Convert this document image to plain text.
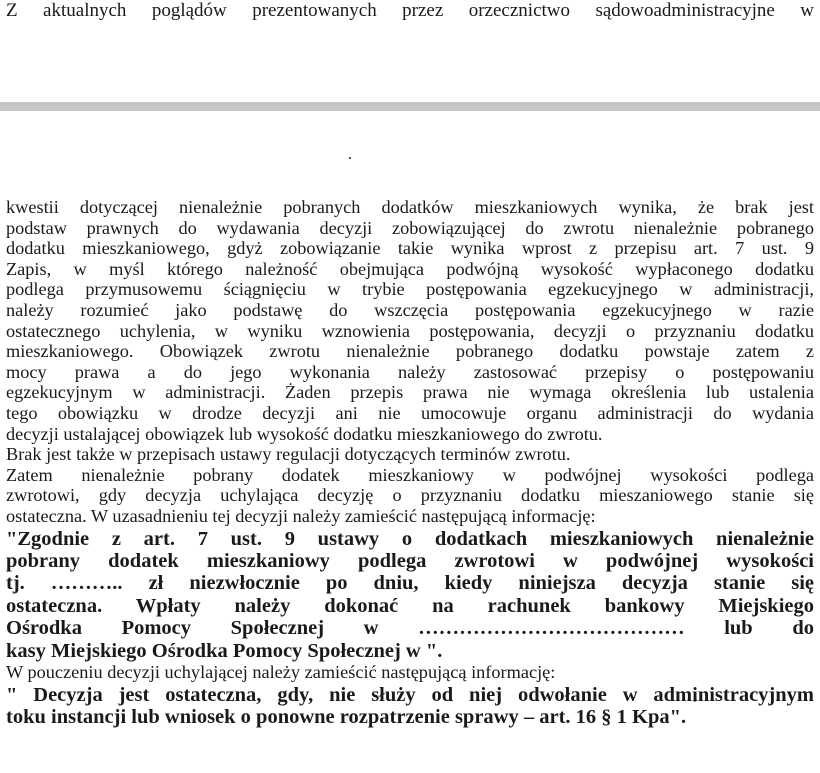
Z aktualnych poglądów prezentowanych przez orzecznictwo sądowoadministracyjne w

kwestii dotyczącej nienależnie pobranych dodatków mieszkaniowych wynika, że brak jest
podstaw prawnych do wydawania decyzji zobowiązującej do zwrotu nienależnie pobranego
dodatku mieszkaniowego, gdyż zobowiązanie takie wynika wprost z przepisu art. 7 ust. 9
Zapis, w myśl którego należność obejmująca podwójną wysokość wypłaconego dodatku
podlega przymusowemu ściągnięciu w trybie postępowania egzekucyjnego w administracji,
należy rozumieć jako podstawę do wszczęcia postępowania egzekucyjnego w razie
ostatecznego uchylenia, w wyniku wznowienia postępowania, decyzji o przyznaniu dodatku
mieszkaniowego. Obowiązek zwrotu nienależnie pobranego dodatku powstaje zatem z
mocy prawa a do jego wykonania należy zastosować przepisy o postępowaniu
egzekucyjnym w administracji. Żaden przepis prawa nie wymaga określenia lub ustalenia
tego obowiązku w drodze decyzji ani nie umocowuje organu administracji do wydania
decyzji ustalającej obowiązek lub wysokość dodatku mieszkaniowego do zwrotu.
Brak jest także w przepisach ustawy regulacji dotyczących terminów zwrotu.
Zatem nienależnie pobrany dodatek mieszkaniowy w podwójnej wysokości podlega
zwrotowi, gdy decyzja uchylająca decyzję o przyznaniu dodatku mieszaniowego stanie się
ostateczna. W uzasadnieniu tej decyzji należy zamieścić następującą informację:
"Zgodnie z art. 7 ust. 9 ustawy o dodatkach mieszkaniowych nienależnie
pobrany dodatek mieszkaniowy podlega zwrotowi w podwójnej wysokości
tj. ……….. zł niezwłocznie po dniu, kiedy niniejsza decyzja stanie się
ostateczna. Wpłaty należy dokonać na rachunek bankowy Miejskiego
Ośrodka Pomocy Społecznej w ………………………………… lub do
kasy Miejskiego Ośrodka Pomocy Społecznej w ".
W pouczeniu decyzji uchylającej należy zamieścić następującą informację:
" Decyzja jest ostateczna, gdy, nie służy od niej odwołanie w administracyjnym
toku instancji lub wniosek o ponowne rozpatrzenie sprawy – art. 16 § 1 Kpa".
